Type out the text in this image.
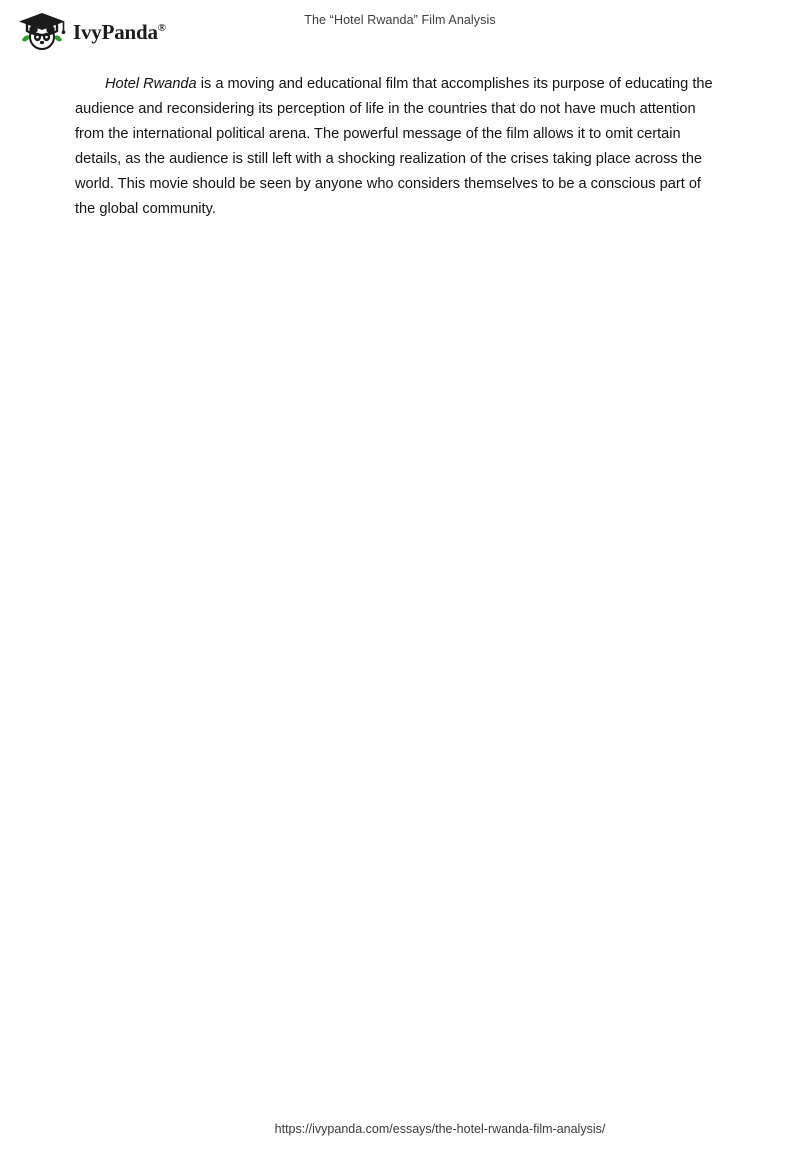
IvyPanda®
The “Hotel Rwanda” Film Analysis

Hotel Rwanda is a moving and educational film that accomplishes its purpose of educating the audience and reconsidering its perception of life in the countries that do not have much attention from the international political arena. The powerful message of the film allows it to omit certain details, as the audience is still left with a shocking realization of the crises taking place across the world. This movie should be seen by anyone who considers themselves to be a conscious part of the global community.

https://ivypanda.com/essays/the-hotel-rwanda-film-analysis/
